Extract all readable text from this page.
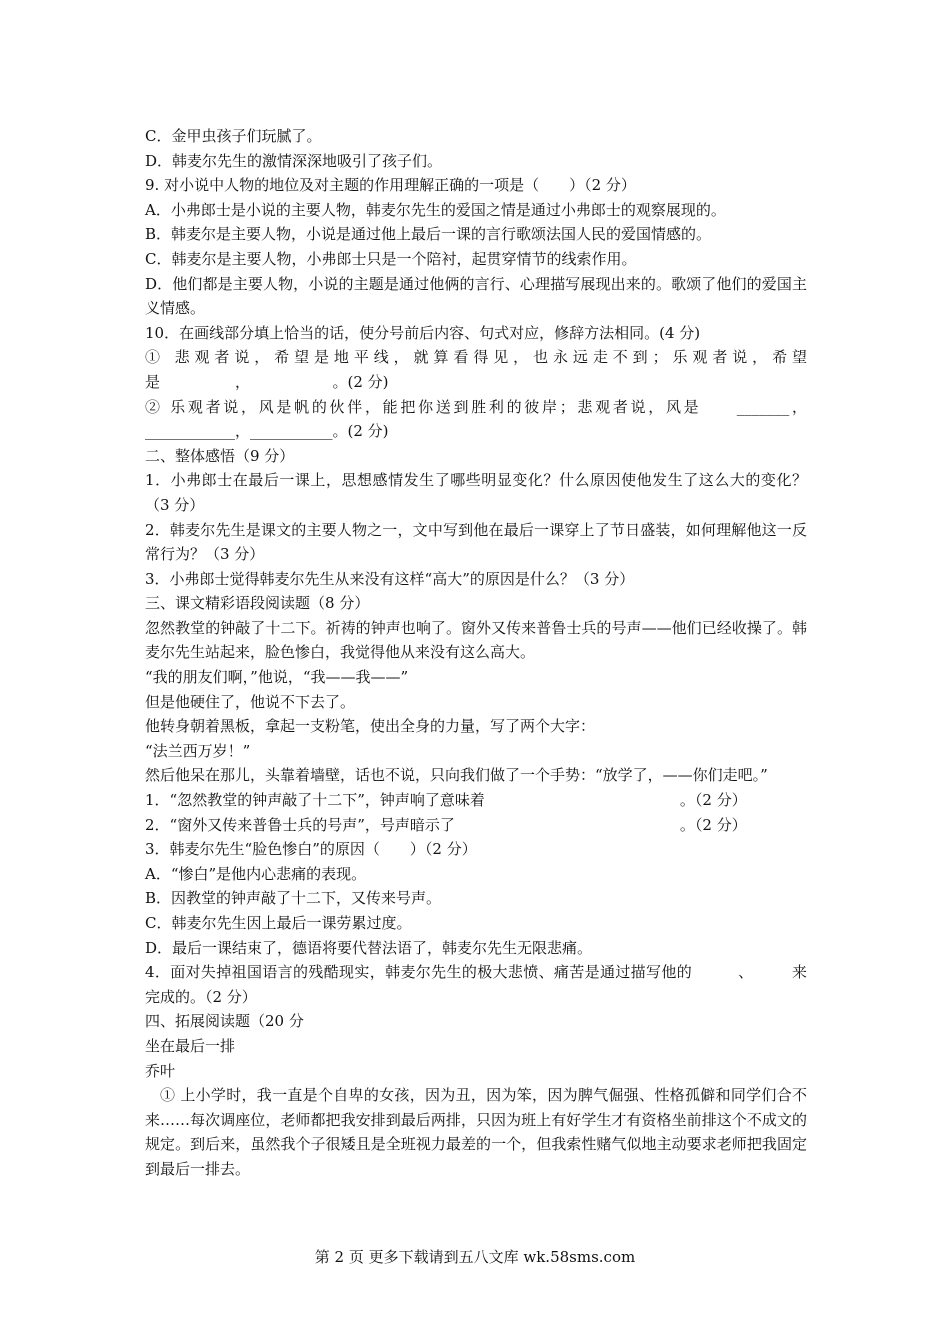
C．金甲虫孩子们玩腻了。
D．韩麦尔先生的激情深深地吸引了孩子们。
9. 对小说中人物的地位及对主题的作用理解正确的一项是（　　）（2 分）
A．小弗郎士是小说的主要人物，韩麦尔先生的爱国之情是通过小弗郎士的观察展现的。
B．韩麦尔是主要人物，小说是通过他上最后一课的言行歌颂法国人民的爱国情感的。
C．韩麦尔是主要人物，小弗郎士只是一个陪衬，起贯穿情节的线索作用。
D．他们都是主要人物，小说的主题是通过他俩的言行、心理描写展现出来的。歌颂了他们的爱国主义情感。
10．在画线部分填上恰当的话，使分号前后内容、句式对应，修辞方法相同。(4 分)
① 悲观者说，希望是地平线，就算看得见，也永远走不到；乐观者说，希望是　　　　　，　　　　　　。(2 分)
② 乐观者说，风是帆的伙伴，能把你送到胜利的彼岸；悲观者说，风是　　_______，____________，___________。(2 分)
二、整体感悟（9 分）
1．小弗郎士在最后一课上，思想感情发生了哪些明显变化？什么原因使他发生了这么大的变化？（3 分）
2．韩麦尔先生是课文的主要人物之一，文中写到他在最后一课穿上了节日盛装，如何理解他这一反常行为？（3 分）
3．小弗郎士觉得韩麦尔先生从来没有这样“高大”的原因是什么？（3 分）
三、课文精彩语段阅读题（8 分）
忽然教堂的钟敲了十二下。祈祷的钟声也响了。窗外又传来普鲁士兵的号声——他们已经收操了。韩麦尔先生站起来，脸色惨白，我觉得他从来没有这么高大。
“我的朋友们啊，”他说，“我——我——”
但是他硬住了，他说不下去了。
他转身朝着黑板，拿起一支粉笔，使出全身的力量，写了两个大字：
“法兰西万岁！”
然后他呆在那儿，头靠着墙壁，话也不说，只向我们做了一个手势：“放学了，——你们走吧。”
1．“忽然教堂的钟声敲了十二下”，钟声响了意味着　　　　　　　　　　　　　。（2 分）
2．“窗外又传来普鲁士兵的号声”，号声暗示了　　　　　　　　　　　　　　　。（2 分）
3．韩麦尔先生“脸色惨白”的原因（　　）（2 分）
A．“惨白”是他内心悲痛的表现。
B．因教堂的钟声敲了十二下，又传来号声。
C．韩麦尔先生因上最后一课劳累过度。
D．最后一课结束了，德语将要代替法语了，韩麦尔先生无限悲痛。
4．面对失掉祖国语言的残酷现实，韩麦尔先生的极大悲愤、痛苦是通过描写他的　　　、　　　来完成的。（2 分）
四、拓展阅读题（20 分
坐在最后一排
乔叶
① 上小学时，我一直是个自卑的女孩，因为丑，因为笨，因为脾气倔强、性格孤僻和同学们合不来……每次调座位，老师都把我安排到最后两排，只因为班上有好学生才有资格坐前排这个不成文的规定。到后来，虽然我个子很矮且是全班视力最差的一个，但我索性赌气似地主动要求老师把我固定到最后一排去。
第 2 页 更多下载请到五八文库 wk.58sms.com
